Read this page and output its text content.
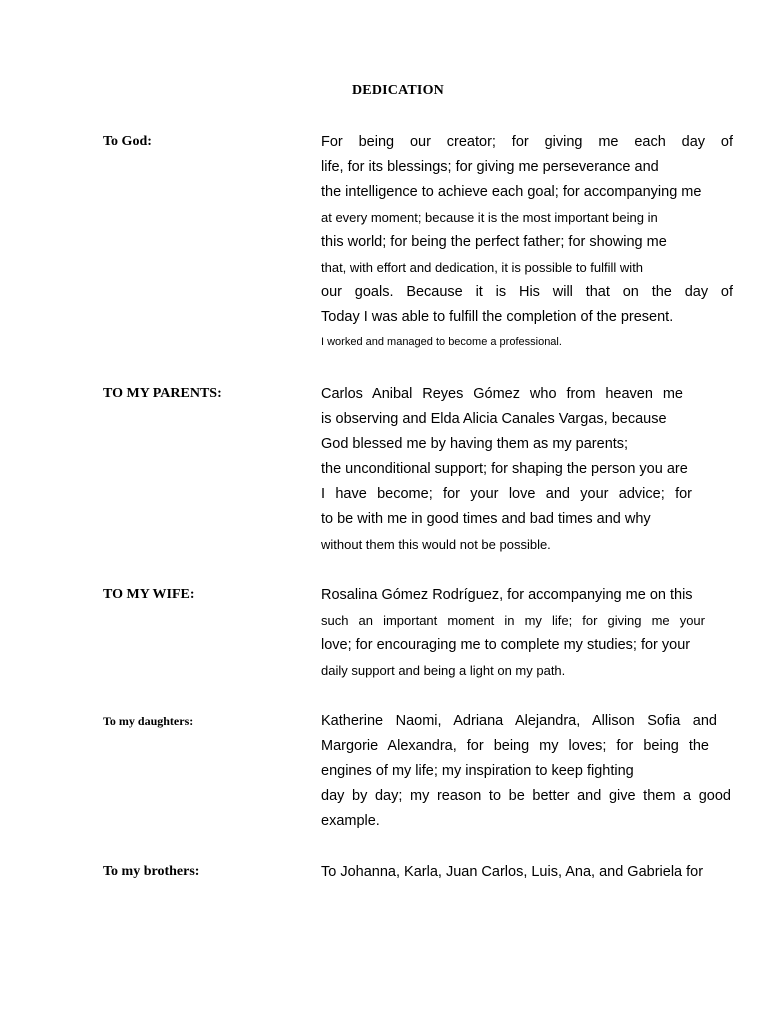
DEDICATION
To God:	For being our creator; for giving me each day of
life, for its blessings; for giving me perseverance and
the intelligence to achieve each goal; for accompanying me
at every moment; because it is the most important being in
this world; for being the perfect father; for showing me
that, with effort and dedication, it is possible to fulfill with
our goals. Because it is His will that on the day of
Today I was able to fulfill the completion of the present.
I worked and managed to become a professional.
TO MY PARENTS:	Carlos Anibal Reyes Gómez who from heaven me
is observing and Elda Alicia Canales Vargas, because
God blessed me by having them as my parents;
the unconditional support; for shaping the person you are
I have become; for your love and your advice; for
to be with me in good times and bad times and why
without them this would not be possible.
TO MY WIFE:	Rosalina Gómez Rodríguez, for accompanying me on this
such an important moment in my life; for giving me your
love; for encouraging me to complete my studies; for your
daily support and being a light on my path.
To my daughters:	Katherine Naomi, Adriana Alejandra, Allison Sofia and
Margorie Alexandra, for being my loves; for being the
engines of my life; my inspiration to keep fighting
day by day; my reason to be better and give them a good
example.
To my brothers:	To Johanna, Karla, Juan Carlos, Luis, Ana, and Gabriela for
